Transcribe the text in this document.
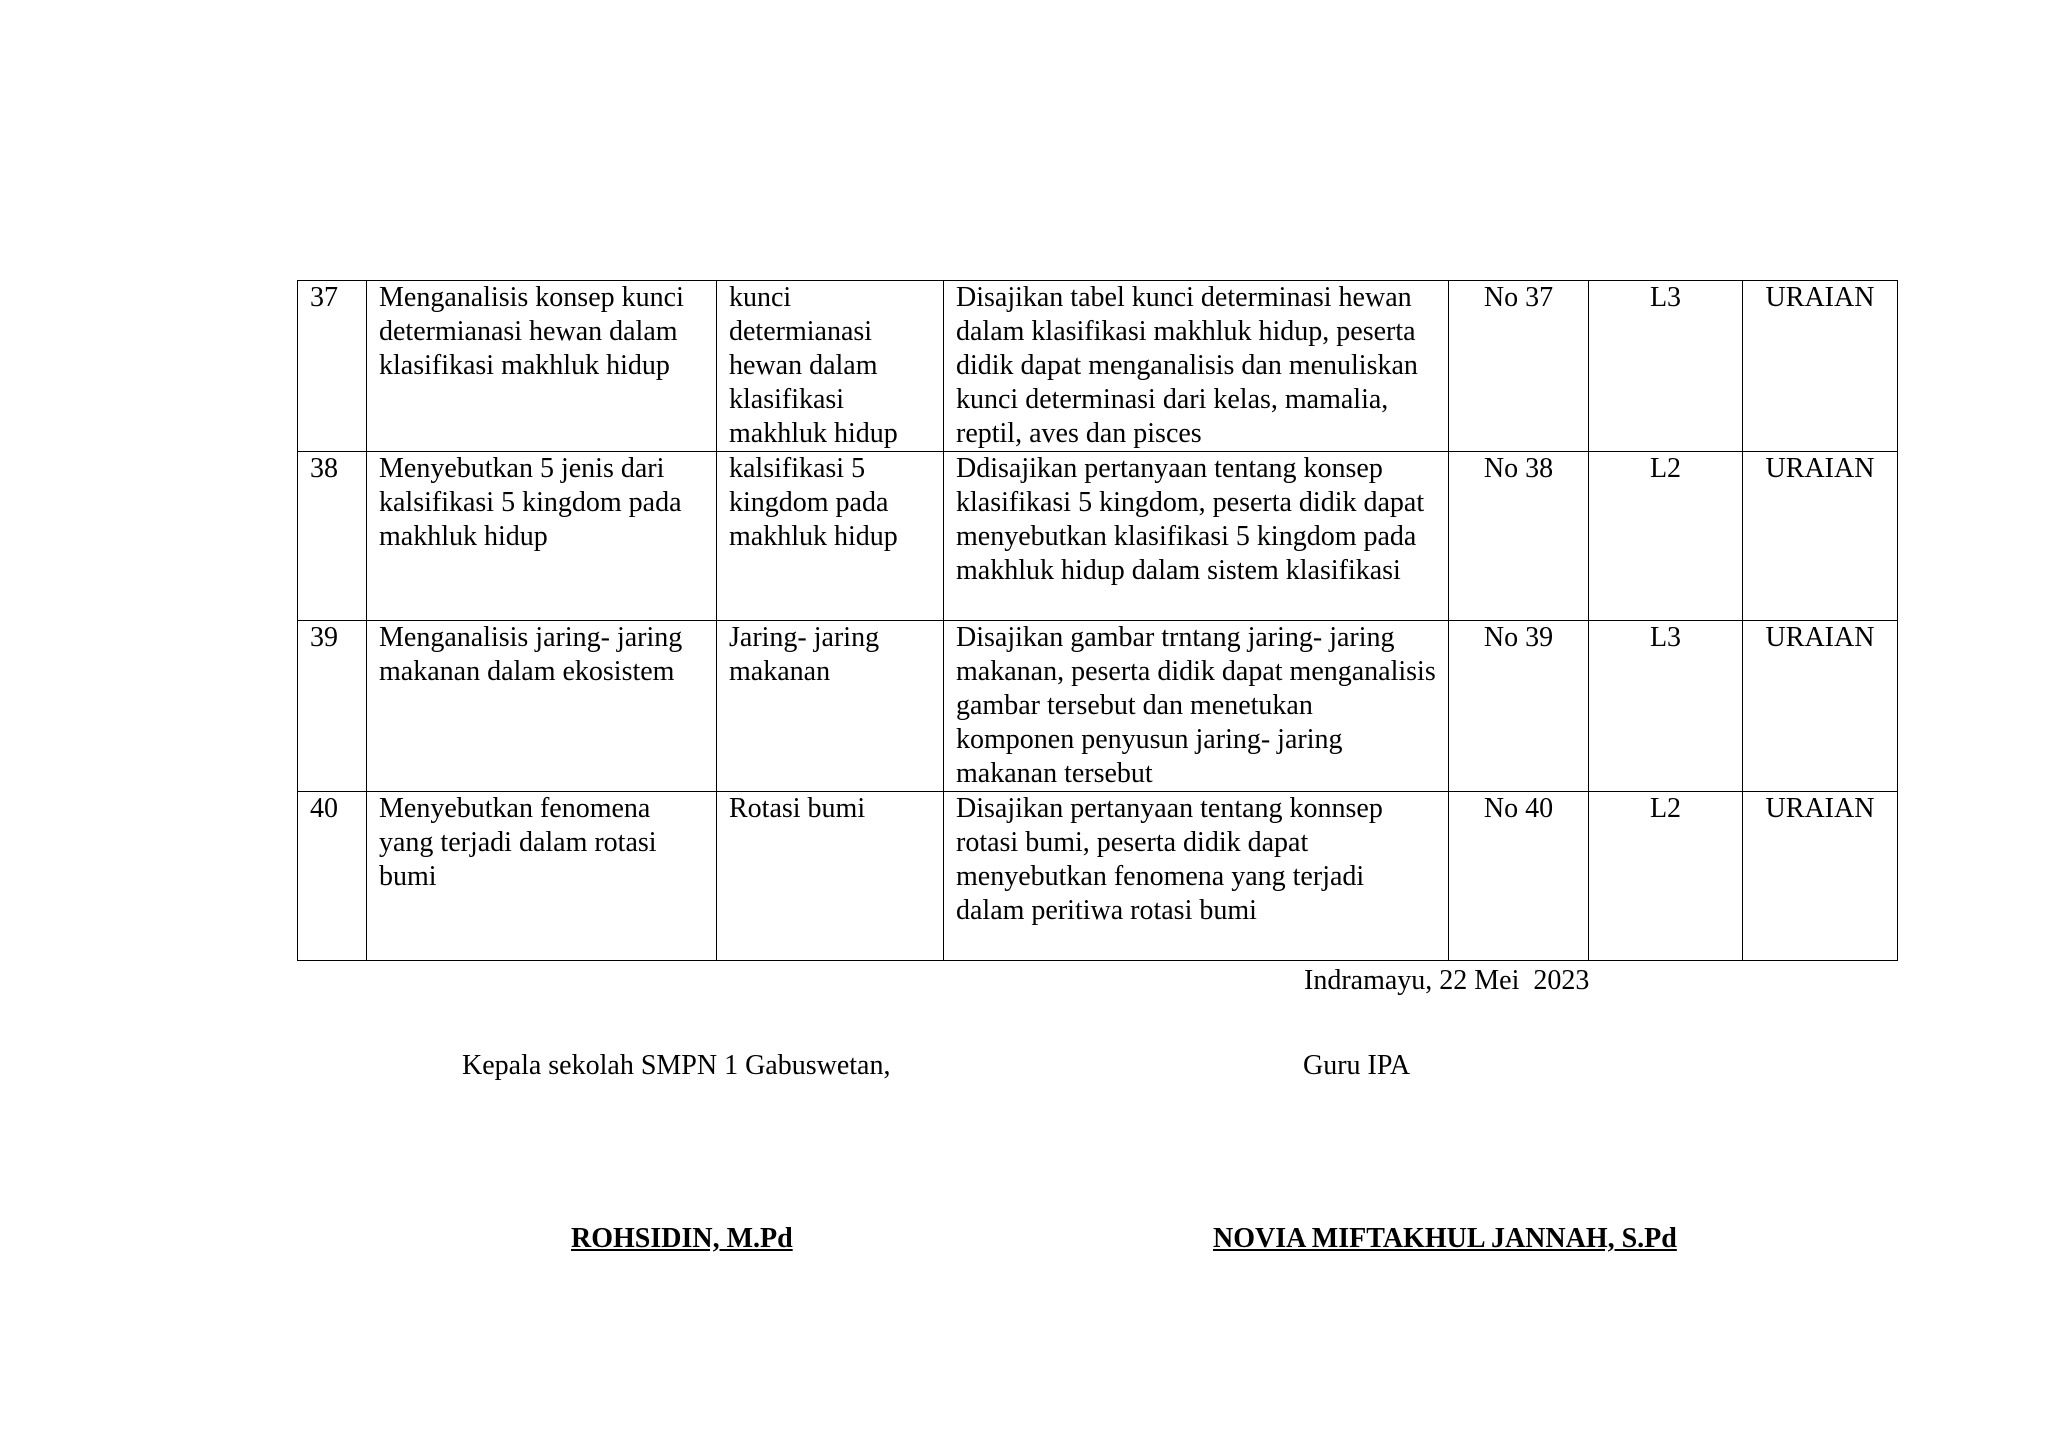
37	Menganalisis konsep kunci determianasi hewan dalam klasifikasi makhluk hidup	kunci determianasi hewan dalam klasifikasi makhluk hidup	Disajikan tabel kunci determinasi hewan dalam klasifikasi makhluk hidup, peserta didik dapat menganalisis dan menuliskan kunci determinasi dari kelas, mamalia, reptil, aves dan pisces	No 37	L3	URAIAN

38	Menyebutkan 5 jenis dari kalsifikasi 5 kingdom pada makhluk hidup	kalsifikasi 5 kingdom pada makhluk hidup	Ddisajikan pertanyaan tentang konsep klasifikasi 5 kingdom, peserta didik dapat menyebutkan klasifikasi 5 kingdom pada makhluk hidup dalam sistem klasifikasi	No 38	L2	URAIAN

39	Menganalisis jaring- jaring makanan dalam ekosistem	Jaring- jaring makanan	Disajikan gambar trntang jaring- jaring makanan, peserta didik dapat menganalisis gambar tersebut dan menetukan komponen penyusun jaring- jaring makanan tersebut	No 39	L3	URAIAN

40	Menyebutkan fenomena yang terjadi dalam rotasi bumi	Rotasi bumi	Disajikan pertanyaan tentang konnsep rotasi bumi, peserta didik dapat menyebutkan fenomena yang terjadi dalam peritiwa rotasi bumi	No 40	L2	URAIAN
Indramayu, 22 Mei  2023
Kepala sekolah SMPN 1 Gabuswetan,	Guru IPA
ROHSIDIN, M.Pd	NOVIA MIFTAKHUL JANNAH, S.Pd
